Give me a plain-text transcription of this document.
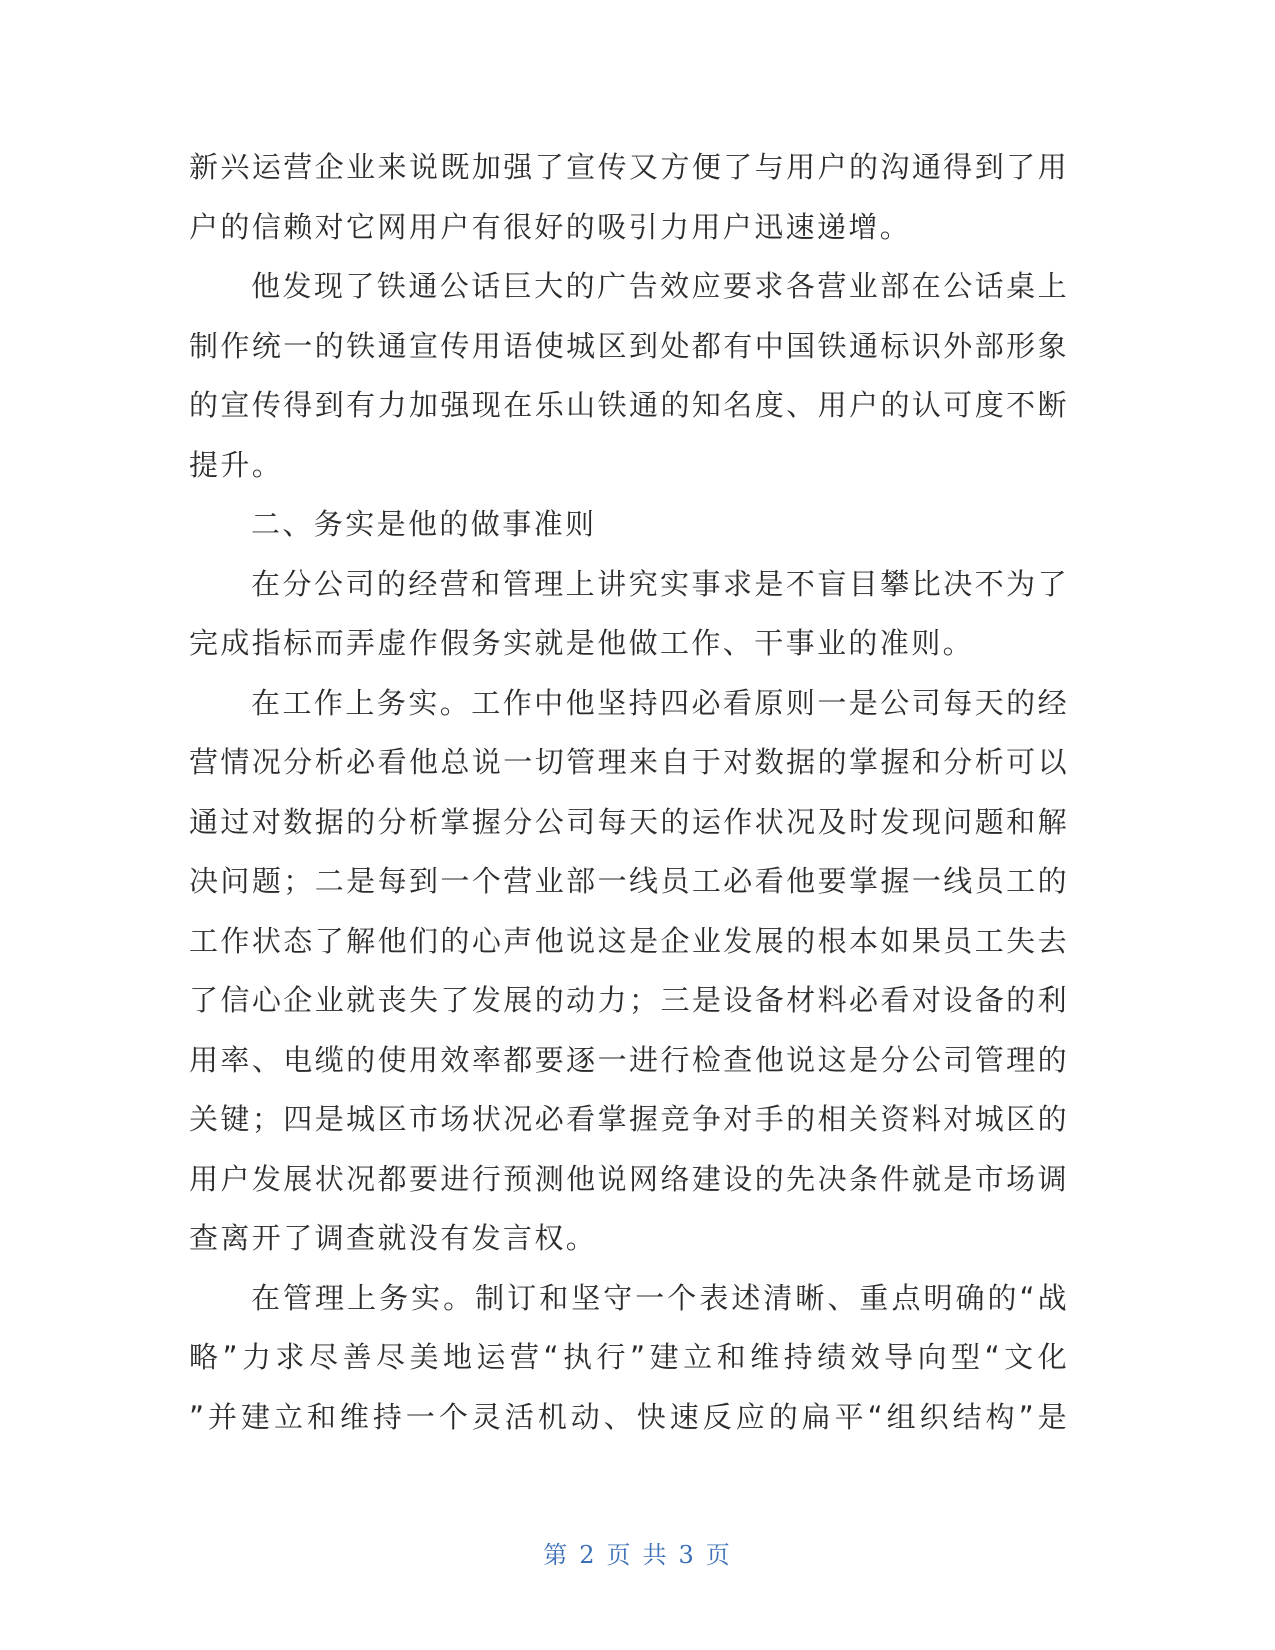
新兴运营企业来说既加强了宣传又方便了与用户的沟通得到了用
户的信赖对它网用户有很好的吸引力用户迅速递增。
他发现了铁通公话巨大的广告效应要求各营业部在公话桌上
制作统一的铁通宣传用语使城区到处都有中国铁通标识外部形象
的宣传得到有力加强现在乐山铁通的知名度、用户的认可度不断
提升。
二、务实是他的做事准则
在分公司的经营和管理上讲究实事求是不盲目攀比决不为了
完成指标而弄虚作假务实就是他做工作、干事业的准则。
在工作上务实。工作中他坚持四必看原则一是公司每天的经
营情况分析必看他总说一切管理来自于对数据的掌握和分析可以
通过对数据的分析掌握分公司每天的运作状况及时发现问题和解
决问题；二是每到一个营业部一线员工必看他要掌握一线员工的
工作状态了解他们的心声他说这是企业发展的根本如果员工失去
了信心企业就丧失了发展的动力；三是设备材料必看对设备的利
用率、电缆的使用效率都要逐一进行检查他说这是分公司管理的
关键；四是城区市场状况必看掌握竞争对手的相关资料对城区的
用户发展状况都要进行预测他说网络建设的先决条件就是市场调
查离开了调查就没有发言权。
在管理上务实。制订和坚守一个表述清晰、重点明确的“战
略”力求尽善尽美地运营“执行”建立和维持绩效导向型“文化
”并建立和维持一个灵活机动、快速反应的扁平“组织结构”是
第 2 页 共 3 页
